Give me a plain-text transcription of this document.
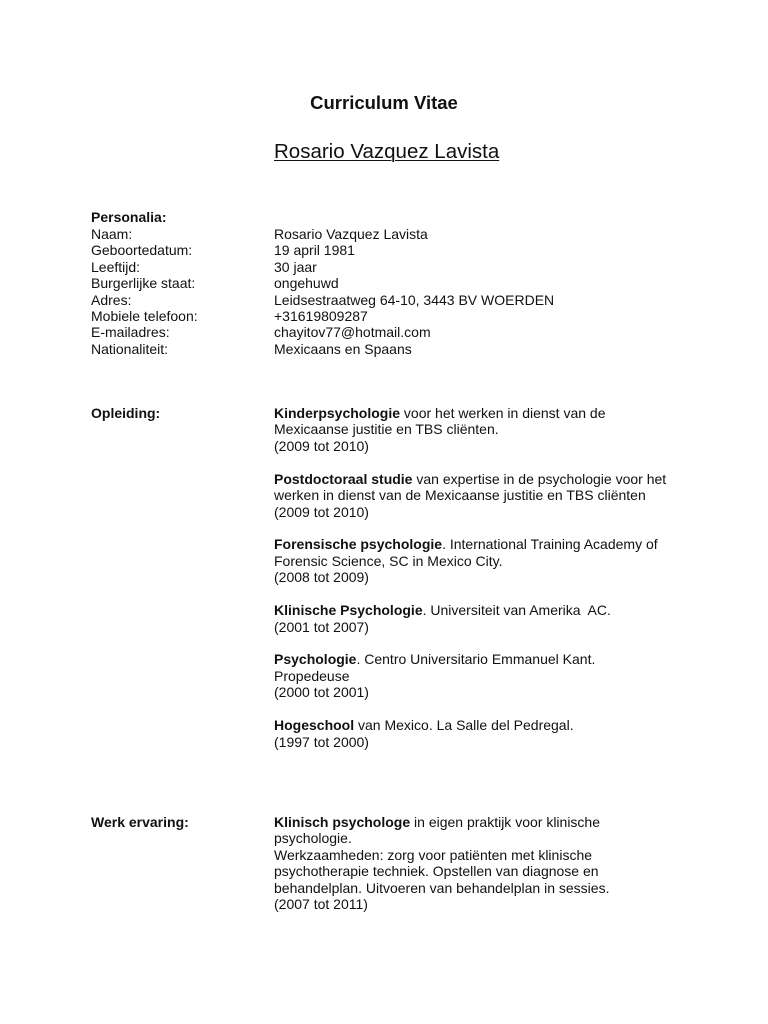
Curriculum Vitae
Rosario Vazquez Lavista
Personalia:
Naam:	Rosario Vazquez Lavista
Geboortedatum:	19 april 1981
Leeftijd:	30 jaar
Burgerlijke staat:	ongehuwd
Adres:	Leidsestraatweg 64-10, 3443 BV WOERDEN
Mobiele telefoon:	+31619809287
E-mailadres:	chayitov77@hotmail.com
Nationaliteit:	Mexicaans en Spaans
Opleiding:	Kinderpsychologie voor het werken in dienst van de
Mexicaanse justitie en TBS cliënten.
(2009 tot 2010)
Postdoctoraal studie van expertise in de psychologie voor het
werken in dienst van de Mexicaanse justitie en TBS cliënten
(2009 tot 2010)
Forensische psychologie. International Training Academy of
Forensic Science, SC in Mexico City.
(2008 tot 2009)
Klinische Psychologie. Universiteit van Amerika  AC.
(2001 tot 2007)
Psychologie. Centro Universitario Emmanuel Kant.
Propedeuse
(2000 tot 2001)
Hogeschool van Mexico. La Salle del Pedregal.
(1997 tot 2000)
Werk ervaring:	Klinisch psychologe in eigen praktijk voor klinische
psychologie.
Werkzaamheden: zorg voor patiënten met klinische
psychotherapie techniek. Opstellen van diagnose en
behandelplan. Uitvoeren van behandelplan in sessies.
(2007 tot 2011)
